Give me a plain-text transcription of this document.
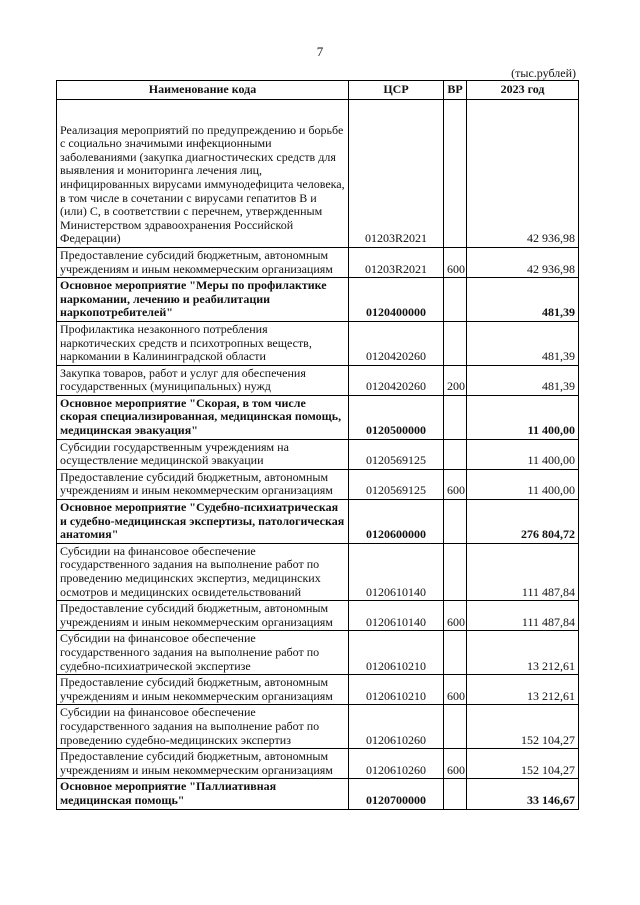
7
(тыс.рублей)
Наименование кода	ЦСР	ВР	2023 год
Реализация мероприятий по предупреждению и борьбе с социально значимыми инфекционными заболеваниями (закупка диагностических средств для выявления и мониторинга лечения лиц, инфицированных вирусами иммунодефицита человека, в том числе в сочетании с вирусами гепатитов В и (или) С, в соответствии с перечнем, утвержденным Министерством здравоохранения Российской Федерации)	01203R2021		42 936,98
Предоставление субсидий бюджетным, автономным учреждениям и иным некоммерческим организациям	01203R2021	600	42 936,98
Основное мероприятие "Меры по профилактике наркомании, лечению и реабилитации наркопотребителей"	0120400000		481,39
Профилактика незаконного потребления наркотических средств и психотропных веществ, наркомании в Калининградской области	0120420260		481,39
Закупка товаров, работ и услуг для обеспечения государственных (муниципальных) нужд	0120420260	200	481,39
Основное мероприятие "Скорая, в том числе скорая специализированная, медицинская помощь, медицинская эвакуация"	0120500000		11 400,00
Субсидии государственным учреждениям на осуществление медицинской эвакуации	0120569125		11 400,00
Предоставление субсидий бюджетным, автономным учреждениям и иным некоммерческим организациям	0120569125	600	11 400,00
Основное мероприятие "Судебно-психиатрическая и судебно-медицинская экспертизы, патологическая анатомия"	0120600000		276 804,72
Субсидии на финансовое обеспечение государственного задания на выполнение работ по проведению медицинских экспертиз, медицинских осмотров и медицинских освидетельствований	0120610140		111 487,84
Предоставление субсидий бюджетным, автономным учреждениям и иным некоммерческим организациям	0120610140	600	111 487,84
Субсидии на финансовое обеспечение государственного задания на выполнение работ по судебно-психиатрической экспертизе	0120610210		13 212,61
Предоставление субсидий бюджетным, автономным учреждениям и иным некоммерческим организациям	0120610210	600	13 212,61
Субсидии на финансовое обеспечение государственного задания на выполнение работ по проведению судебно-медицинских экспертиз	0120610260		152 104,27
Предоставление субсидий бюджетным, автономным учреждениям и иным некоммерческим организациям	0120610260	600	152 104,27
Основное мероприятие "Паллиативная медицинская помощь"	0120700000		33 146,67
